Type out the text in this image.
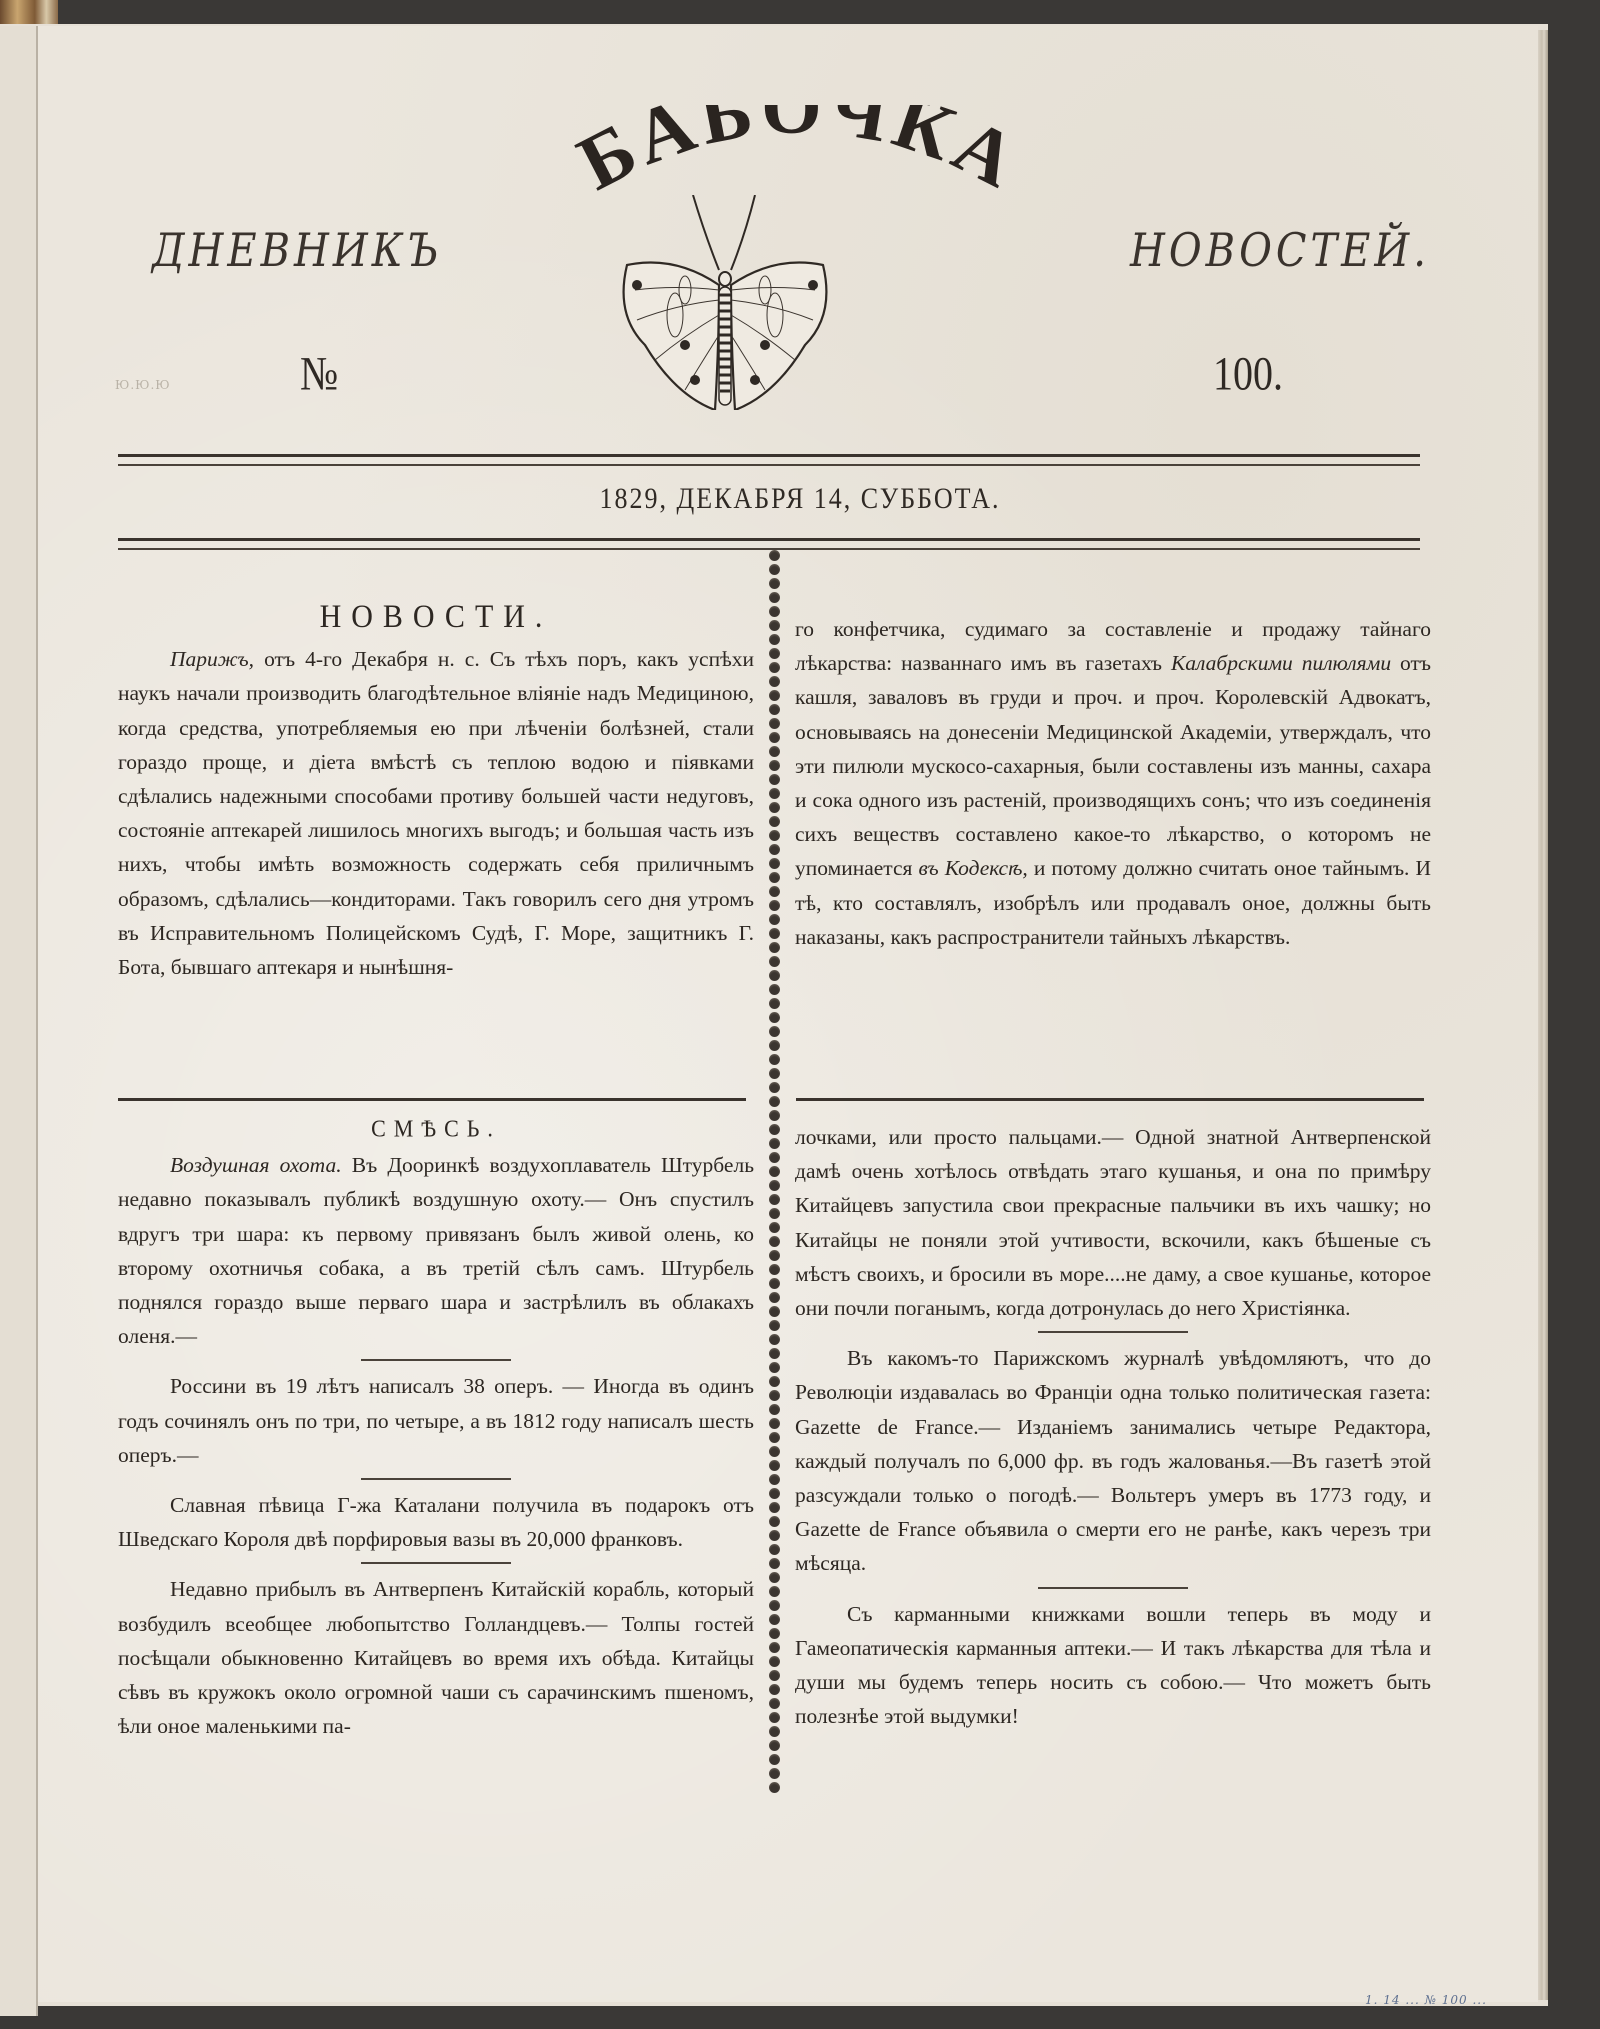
БАБОЧКА
ДНЕВНИКЪ	НОВОСТЕЙ.
Ю.Ю.Ю	№	100.
1829, ДЕКАБРЯ 14, СУББОТА.
НОВОСТИ.

Парижъ, отъ 4-го Декабря н. с. Съ тѣхъ поръ, какъ успѣхи наукъ начали производить благодѣтельное влiянiе надъ Медициною, когда средства, употребляемыя ею при лѣченiи болѣзней, стали гораздо проще, и дiета вмѣстѣ съ теплою водою и пiявками сдѣлались надежными способами противу большей части недуговъ, состоянiе аптекарей лишилось многихъ выгодъ; и большая часть изъ нихъ, чтобы имѣть возможность содержать себя приличнымъ образомъ, сдѣлались—кондиторами. Такъ говорилъ сего дня утромъ въ Исправительномъ Полицейскомъ Судѣ, Г. Море, защитникъ Г. Бота, бывшаго аптекаря и нынѣшня-

го конфетчика, судимаго за составленiе и продажу тайнаго лѣкарства: названнаго имъ въ газетахъ Калабрскими пилюлями отъ кашля, заваловъ въ груди и проч. и проч. Королевскiй Адвокатъ, основываясь на донесенiи Медицинской Академiи, утверждалъ, что эти пилюли мускосо-сахарныя, были составлены изъ манны, сахара и сока одного изъ растенiй, производящихъ сонъ; что изъ соединенiя сихъ веществъ составлено какое-то лѣкарство, о которомъ не упоминается въ Кодексѣ, и потому должно считать оное тайнымъ. И тѣ, кто составлялъ, изобрѣлъ или продавалъ оное, должны быть наказаны, какъ распространители тайныхъ лѣкарствъ.

СМѢСЬ.

Воздушная охота. Въ Дооринкѣ воздухоплаватель Штурбель недавно показывалъ публикѣ воздушную охоту.— Онъ спустилъ вдругъ три шара: къ первому привязанъ былъ живой олень, ко второму охотничья собака, а въ третiй сѣлъ самъ. Штурбель поднялся гораздо выше перваго шара и застрѣлилъ въ облакахъ оленя.—

Россини въ 19 лѣтъ написалъ 38 оперъ. — Иногда въ одинъ годъ сочинялъ онъ по три, по четыре, а въ 1812 году написалъ шесть оперъ.—

Славная пѣвица Г-жа Каталани получила въ подарокъ отъ Шведскаго Короля двѣ порфировыя вазы въ 20,000 франковъ.

Недавно прибылъ въ Антверпенъ Китайскiй корабль, который возбудилъ всеобщее любопытство Голландцевъ.— Толпы гостей посѣщали обыкновенно Китайцевъ во время ихъ обѣда. Китайцы сѣвъ въ кружокъ около огромной чаши съ сарачинскимъ пшеномъ, ѣли оное маленькими па-

лочками, или просто пальцами.— Одной знатной Антверпенской дамѣ очень хотѣлось отвѣдать этаго кушанья, и она по примѣру Китайцевъ запустила свои прекрасные пальчики въ ихъ чашку; но Китайцы не поняли этой учтивости, вскочили, какъ бѣшеные съ мѣстъ своихъ, и бросили въ море....не даму, а свое кушанье, которое они почли поганымъ, когда дотронулась до него Христiянка.

Въ какомъ-то Парижскомъ журналѣ увѣдомляютъ, что до Революцiи издавалась во Францiи одна только политическая газета: Gazette de France.— Изданiемъ занимались четыре Редактора, каждый получалъ по 6,000 фр. въ годъ жалованья.—Въ газетѣ этой разсуждали только о погодѣ.— Вольтеръ умеръ въ 1773 году, и Gazette de France объявила о смерти его не ранѣе, какъ черезъ три мѣсяца.

Съ карманными книжками вошли теперь въ моду и Гамеопатическiя карманныя аптеки.— И такъ лѣкарства для тѣла и души мы будемъ теперь носить съ собою.— Что можетъ быть полезнѣе этой выдумки!

1. 14 ... № 100 ...
